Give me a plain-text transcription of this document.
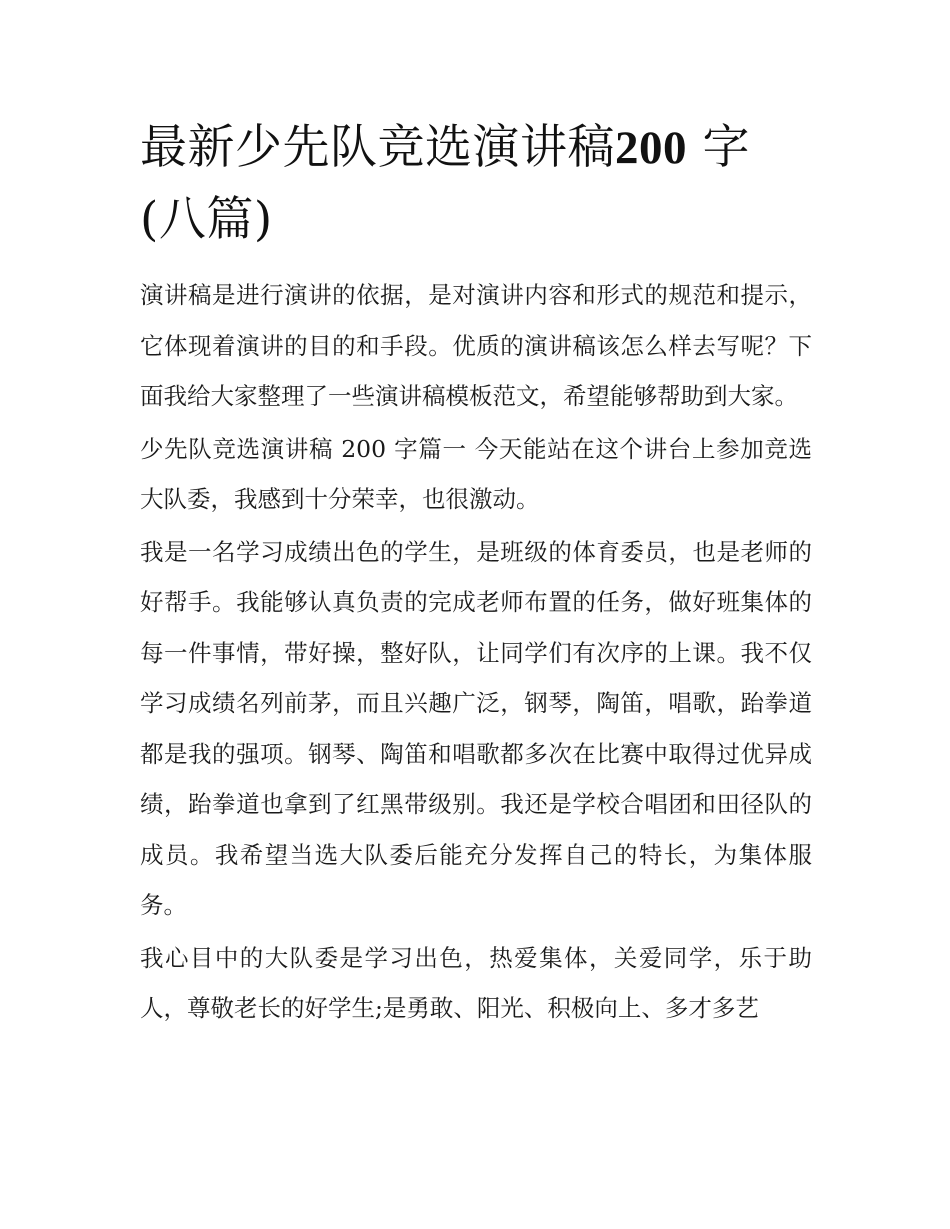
最新少先队竞选演讲稿200 字
(八篇)

演讲稿是进行演讲的依据，是对演讲内容和形式的规范和提示，它体现着演讲的目的和手段。优质的演讲稿该怎么样去写呢？下面我给大家整理了一些演讲稿模板范文，希望能够帮助到大家。

少先队竞选演讲稿 200 字篇一 今天能站在这个讲台上参加竞选大队委，我感到十分荣幸，也很激动。

我是一名学习成绩出色的学生，是班级的体育委员，也是老师的好帮手。我能够认真负责的完成老师布置的任务，做好班集体的每一件事情，带好操，整好队，让同学们有次序的上课。我不仅学习成绩名列前茅，而且兴趣广泛，钢琴，陶笛，唱歌，跆拳道都是我的强项。钢琴、陶笛和唱歌都多次在比赛中取得过优异成绩，跆拳道也拿到了红黑带级别。我还是学校合唱团和田径队的成员。我希望当选大队委后能充分发挥自己的特长，为集体服务。

我心目中的大队委是学习出色，热爱集体，关爱同学，乐于助人，尊敬老长的好学生;是勇敢、阳光、积极向上、多才多艺
